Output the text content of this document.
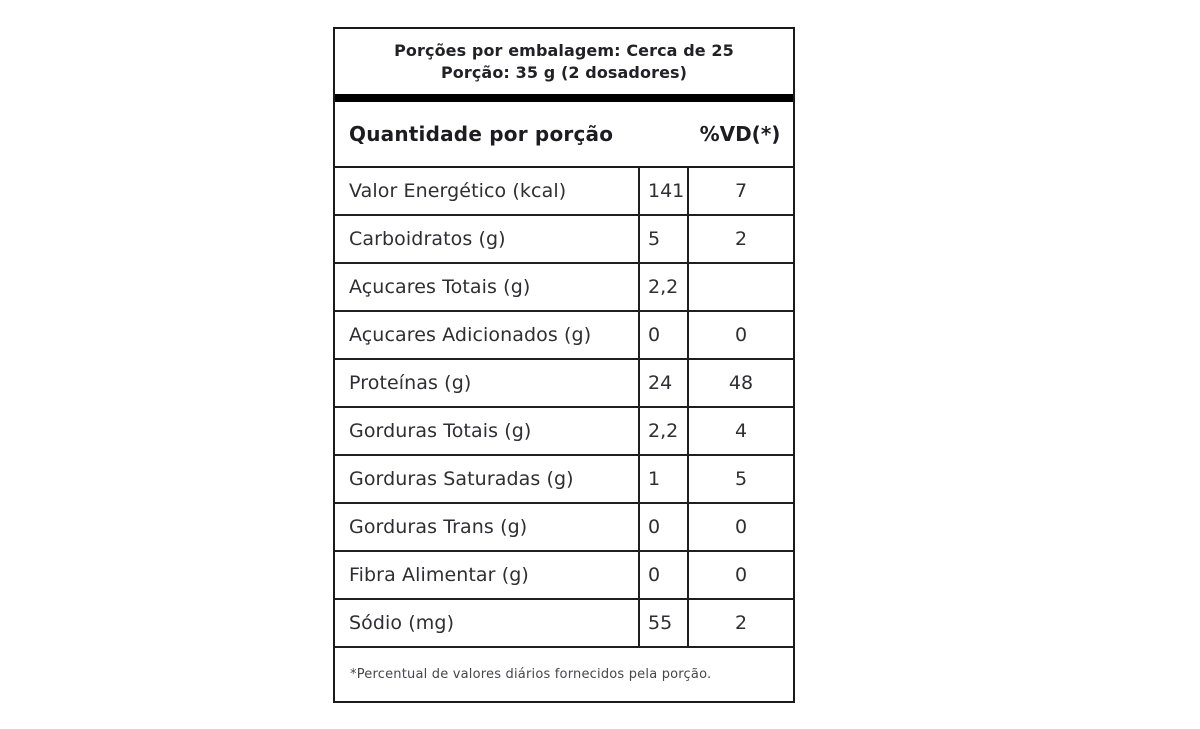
Porções por embalagem: Cerca de 25
Porção: 35 g (2 dosadores)
Quantidade por porção	%VD(*)
Valor Energético (kcal)	141	7
Carboidratos (g)	5	2
Açucares Totais (g)	2,2
Açucares Adicionados (g)	0	0
Proteínas (g)	24	48
Gorduras Totais (g)	2,2	4
Gorduras Saturadas (g)	1	5
Gorduras Trans (g)	0	0
Fibra Alimentar (g)	0	0
Sódio (mg)	55	2
*Percentual de valores diários fornecidos pela porção.
